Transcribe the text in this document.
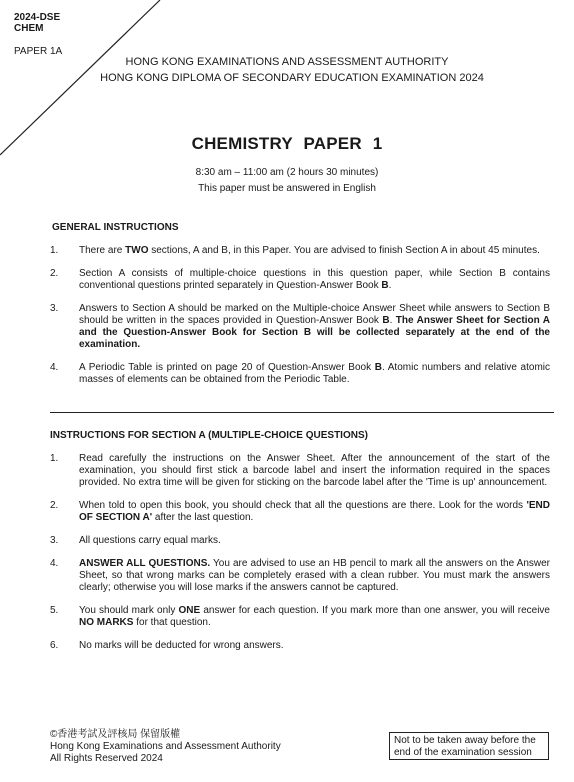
2024-DSE
CHEM
PAPER 1A
HONG KONG EXAMINATIONS AND ASSESSMENT AUTHORITY
HONG KONG DIPLOMA OF SECONDARY EDUCATION EXAMINATION 2024
CHEMISTRY PAPER 1
8:30 am – 11:00 am (2 hours 30 minutes)
This paper must be answered in English
GENERAL INSTRUCTIONS
1.	There are TWO sections, A and B, in this Paper. You are advised to finish Section A in about 45 minutes.
2.	Section A consists of multiple-choice questions in this question paper, while Section B contains conventional questions printed separately in Question-Answer Book B.
3.	Answers to Section A should be marked on the Multiple-choice Answer Sheet while answers to Section B should be written in the spaces provided in Question-Answer Book B. The Answer Sheet for Section A and the Question-Answer Book for Section B will be collected separately at the end of the examination.
4.	A Periodic Table is printed on page 20 of Question-Answer Book B. Atomic numbers and relative atomic masses of elements can be obtained from the Periodic Table.
INSTRUCTIONS FOR SECTION A (MULTIPLE-CHOICE QUESTIONS)
1.	Read carefully the instructions on the Answer Sheet. After the announcement of the start of the examination, you should first stick a barcode label and insert the information required in the spaces provided. No extra time will be given for sticking on the barcode label after the 'Time is up' announcement.
2.	When told to open this book, you should check that all the questions are there. Look for the words 'END OF SECTION A' after the last question.
3.	All questions carry equal marks.
4.	ANSWER ALL QUESTIONS. You are advised to use an HB pencil to mark all the answers on the Answer Sheet, so that wrong marks can be completely erased with a clean rubber. You must mark the answers clearly; otherwise you will lose marks if the answers cannot be captured.
5.	You should mark only ONE answer for each question. If you mark more than one answer, you will receive NO MARKS for that question.
6.	No marks will be deducted for wrong answers.
©香港考試及評核局 保留版權
Hong Kong Examinations and Assessment Authority
All Rights Reserved 2024
Not to be taken away before the
end of the examination session
